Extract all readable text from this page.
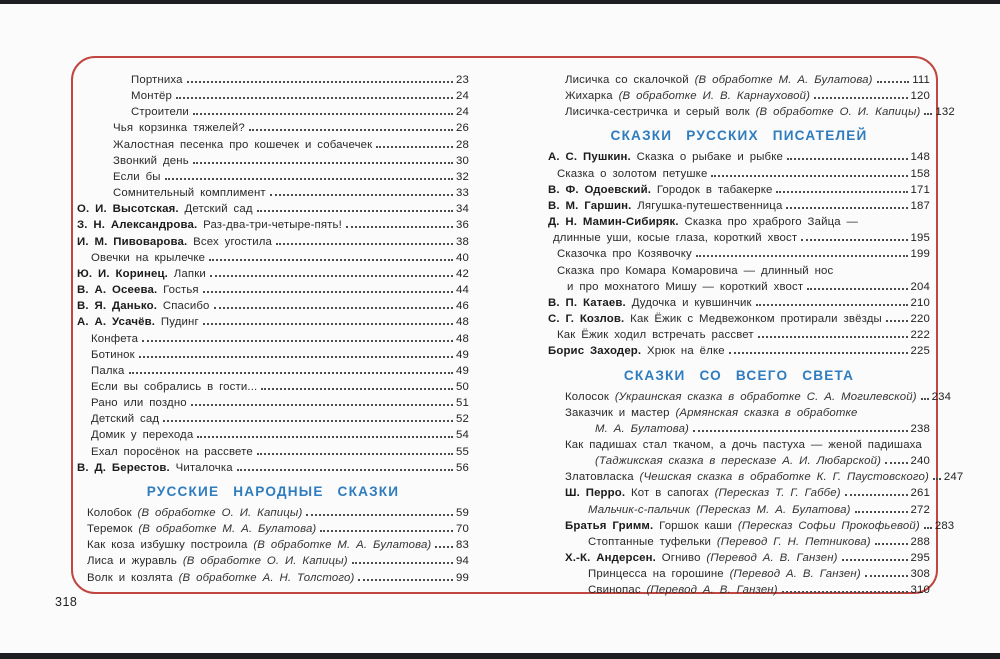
Портниха	23
Монтёр	24
Строители	24
Чья корзинка тяжелей?	26
Жалостная песенка про кошечек и собачечек	28
Звонкий день	30
Если бы	32
Сомнительный комплимент	33
О. И. Высотская. Детский сад	34
З. Н. Александрова. Раз-два-три-четыре-пять!	36
И. М. Пивоварова. Всех угостила	38
Овечки на крылечке	40
Ю. И. Коринец. Лапки	42
В. А. Осеева. Гостья	44
В. Я. Данько. Спасибо	46
А. А. Усачёв. Пудинг	48
Конфета	48
Ботинок	49
Палка	49
Если вы собрались в гости...	50
Рано или поздно	51
Детский сад	52
Домик у перехода	54
Ехал поросёнок на рассвете	55
В. Д. Берестов. Читалочка	56
РУССКИЕ НАРОДНЫЕ СКАЗКИ
Колобок (В обработке О. И. Капицы)	59
Теремок (В обработке М. А. Булатова)	70
Как коза избушку построила (В обработке М. А. Булатова) 83
Лиса и журавль (В обработке О. И. Капицы)	94
Волк и козлята (В обработке А. Н. Толстого)	99
Лисичка со скалочкой (В обработке М. А. Булатова)	111
Жихарка (В обработке И. В. Карнауховой)	120
Лисичка-сестричка и серый волк (В обработке О. И. Капицы) 132
СКАЗКИ РУССКИХ ПИСАТЕЛЕЙ
А. С. Пушкин. Сказка о рыбаке и рыбке	148
Сказка о золотом петушке	158
В. Ф. Одоевский. Городок в табакерке	171
В. М. Гаршин. Лягушка-путешественница	187
Д. Н. Мамин-Сибиряк. Сказка про храброго Зайца —
длинные уши, косые глаза, короткий хвост	195
Сказочка про Козявочку	199
Сказка про Комара Комаровича — длинный нос
и про мохнатого Мишу — короткий хвост	204
В. П. Катаев. Дудочка и кувшинчик	210
С. Г. Козлов. Как Ёжик с Медвежонком протирали звёзды	220
Как Ёжик ходил встречать рассвет	222
Борис Заходер. Хрюк на ёлке	225
СКАЗКИ СО ВСЕГО СВЕТА
Колосок (Украинская сказка в обработке С. А. Могилевской) 234
Заказчик и мастер (Армянская сказка в обработке
М. А. Булатова)	238
Как падишах стал ткачом, а дочь пастуха — женой падишаха
(Таджикская сказка в пересказе А. И. Любарской)	240
Златовласка (Чешская сказка в обработке К. Г. Паустовского) 247
Ш. Перро. Кот в сапогах (Пересказ Т. Г. Габбе)	261
Мальчик-с-пальчик (Пересказ М. А. Булатова)	272
Братья Гримм. Горшок каши (Пересказ Софьи Прокофьевой) 283
Стоптанные туфельки (Перевод Г. Н. Петникова)	288
Х.-К. Андерсен. Огниво (Перевод А. В. Ганзен)	295
Принцесса на горошине (Перевод А. В. Ганзен)	308
Свинопас (Перевод А. В. Ганзен)	310
318
